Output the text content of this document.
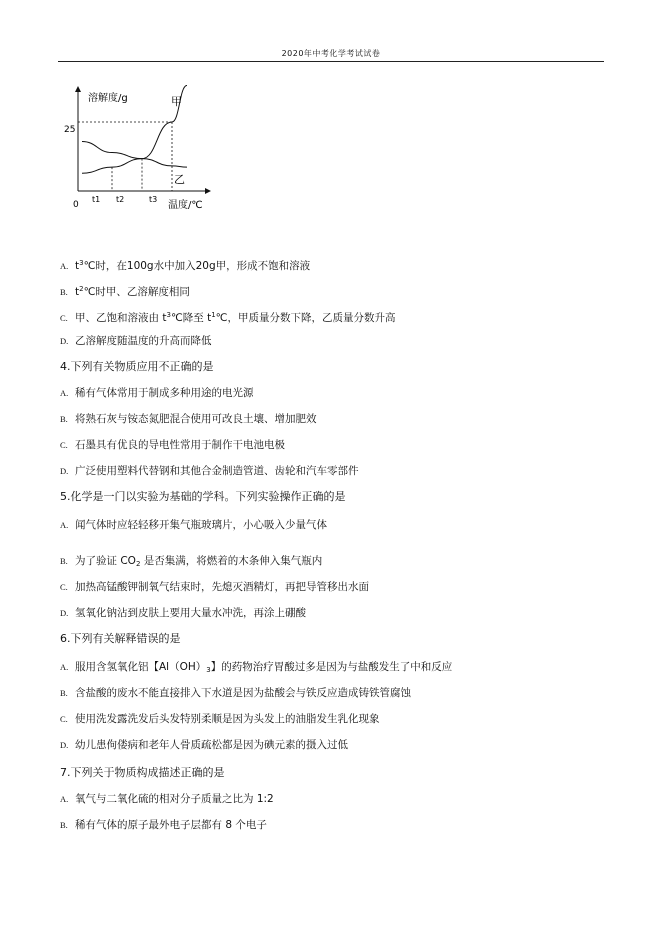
2020年中考化学考试试卷
溶解度/g
温度/℃
25
0
t1 t2	t3
甲
乙
A. $t^3℃$时，在100g水中加入20g甲，形成不饱和溶液
B. $t^2℃$时甲、乙溶解度相同
C. 甲、乙饱和溶液由 $t^3℃$降至 $t^1℃$，甲质量分数下降，乙质量分数升高
D. 乙溶解度随温度的升高而降低
4.下列有关物质应用不正确的是
A. 稀有气体常用于制成多种用途的电光源
B. 将熟石灰与铵态氮肥混合使用可改良土壤、增加肥效
C. 石墨具有优良的导电性常用于制作干电池电极
D. 广泛使用塑料代替钢和其他合金制造管道、齿轮和汽车零部件
5.化学是一门以实验为基础的学科。下列实验操作正确的是
A. 闻气体时应轻轻移开集气瓶玻璃片，小心吸入少量气体
B. 为了验证 $CO_2$ 是否集满，将燃着的木条伸入集气瓶内
C. 加热高锰酸钾制氧气结束时，先熄灭酒精灯，再把导管移出水面
D. 氢氧化钠沾到皮肤上要用大量水冲洗，再涂上硼酸
6.下列有关解释错误的是
A. 服用含氢氧化铝【$Al(OH)_3$】的药物治疗胃酸过多是因为与盐酸发生了中和反应
B. 含盐酸的废水不能直接排入下水道是因为盐酸会与铁反应造成铸铁管腐蚀
C. 使用洗发露洗发后头发特别柔顺是因为头发上的油脂发生乳化现象
D. 幼儿患佝偻病和老年人骨质疏松都是因为碘元素的摄入过低
7.下列关于物质构成描述正确的是
A. 氧气与二氧化硫的相对分子质量之比为 1:2
B. 稀有气体的原子最外电子层都有 8 个电子
